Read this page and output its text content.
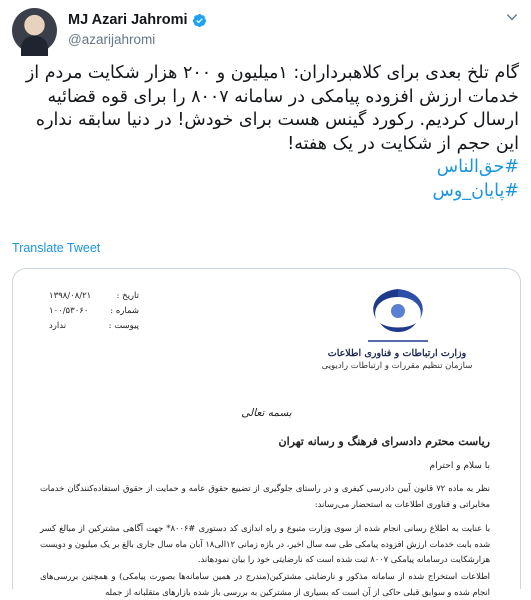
MJ Azari Jahromi
@azarijahromi

گام تلخ بعدی برای کلاهبرداران: ۱میلیون و ۲۰۰ هزار شکایت مردم از خدمات ارزش افزوده پیامکی در سامانه ۸۰۰۷ را برای قوه قضائیه ارسال کردیم. رکورد گینس هست برای خودش! در دنیا سابقه نداره این حجم از شکایت در یک هفته!

#حق‌الناس
#پایان_وس
Translate Tweet
تاریخ :
۱۳۹۸/۰۸/۲۱
شماره :
۱۰۰/۵۳۰۶۰
پیوست :
ندارد
وزارت ارتباطات و فناوری اطلاعات
سازمان تنظیم مقررات و ارتباطات رادیویی
بسمه تعالی
ریاست محترم دادسرای فرهنگ و رسانه تهران
با سلام و احترام
نظر به ماده ۷۲ قانون آیین دادرسی کیفری و در راستای جلوگیری از تضییع حقوق عامه و حمایت از حقوق استفاده‌کنندگان خدمات مخابراتی و فناوری اطلاعات به استحضار می‌رساند:
با عنایت به اطلاع رسانی انجام شده از سوی وزارت متبوع و راه اندازی کد دستوری #۸۰۰۶* جهت آگاهی مشترکین از مبالغ کسر شده بابت خدمات ارزش افزوده پیامکی طی سه سال اخیر، در بازه زمانی ۱۲الی۱۸ آبان ماه سال جاری بالغ بر یک میلیون و دویست هزارشکایت درسامانه پیامکی ۸۰۰۷ ثبت شده است که نارضایتی خود را بیان نمودهاند.
اطلاعات استخراج شده از سامانه مذکور و نارضایتی مشترکین(مندرج در همین سامانه‌ها بصورت پیامکی) و همچنین بررسی‌های انجام شده و سوابق قبلی حاکی از آن است که بسیاری از مشترکین به بررسی باز شده بازارهای متقلبانه از جمله
